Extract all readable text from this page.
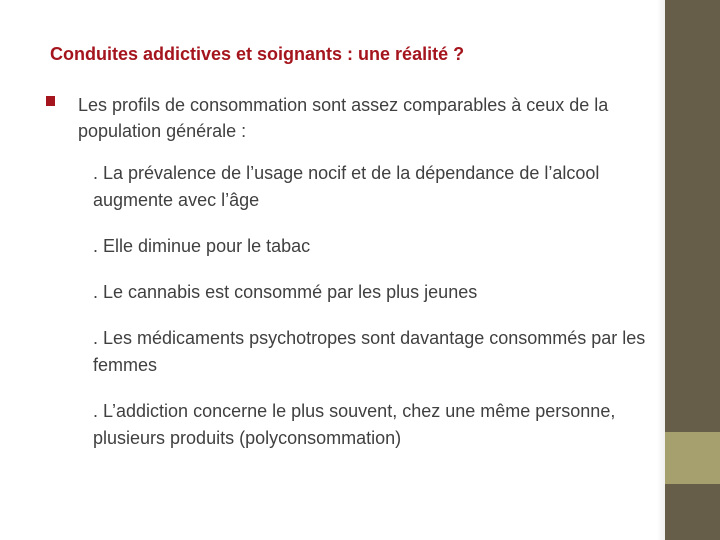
Conduites addictives et soignants : une réalité ?

Les profils de consommation sont assez comparables à ceux de la population générale :

. La prévalence de l’usage nocif et de la dépendance de l’alcool augmente avec l’âge
. Elle diminue pour le tabac
. Le cannabis est consommé par les plus jeunes
. Les médicaments psychotropes sont davantage consommés par les femmes
. L’addiction concerne le plus souvent, chez une même personne, plusieurs produits (polyconsommation)
